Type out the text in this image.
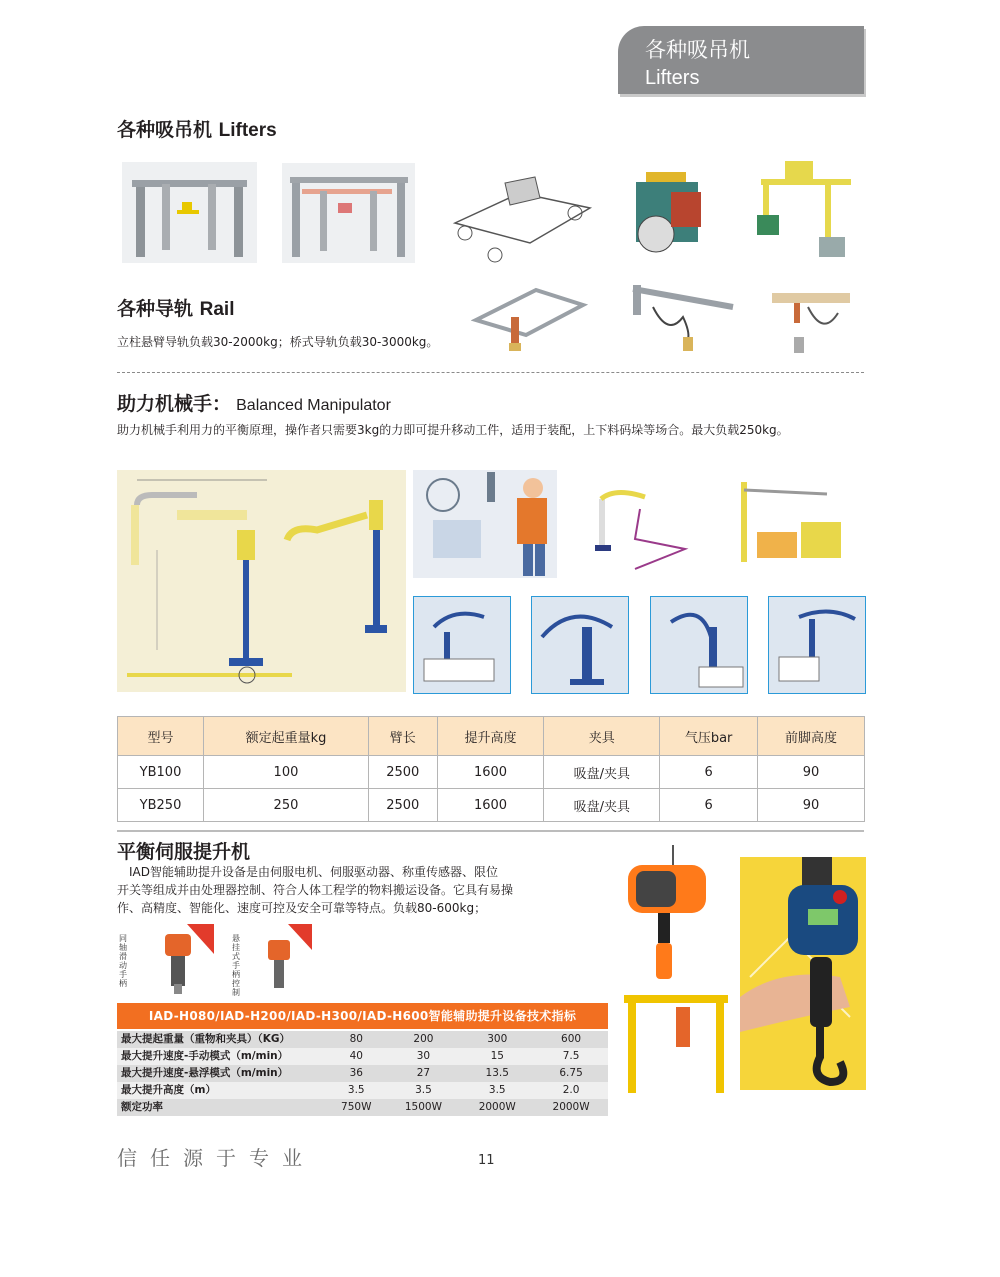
各种吸吊机
Lifters
各种吸吊机 Lifters
各种导轨 Rail
立柱悬臂导轨负载30-2000kg；桥式导轨负载30-3000kg。
助力机械手： Balanced Manipulator
助力机械手利用力的平衡原理，操作者只需要3kg的力即可提升移动工件，适用于装配，上下料码垛等场合。最大负载250kg。
型号	额定起重量kg	臂长	提升高度	夹具	气压bar	前脚高度
YB100	100	2500	1600	吸盘/夹具	6	90
YB250	250	2500	1600	吸盘/夹具	6	90
平衡伺服提升机
IAD智能辅助提升设备是由伺服电机、伺服驱动器、称重传感器、限位
开关等组成并由处理器控制、符合人体工程学的物料搬运设备。它具有易操
作、高精度、智能化、速度可控及安全可靠等特点。负载80-600kg；
同轴滑动手柄
悬挂式手柄控制
IAD-H080/IAD-H200/IAD-H300/IAD-H600智能辅助提升设备技术指标
最大提起重量（重物和夹具）（KG）	80	200	300	600
最大提升速度-手动模式（m/min）	40	30	15	7.5
最大提升速度-悬浮模式（m/min）	36	27	13.5	6.75
最大提升高度（m）	3.5	3.5	3.5	2.0
额定功率	750W	1500W	2000W	2000W
信任源于专业	11
